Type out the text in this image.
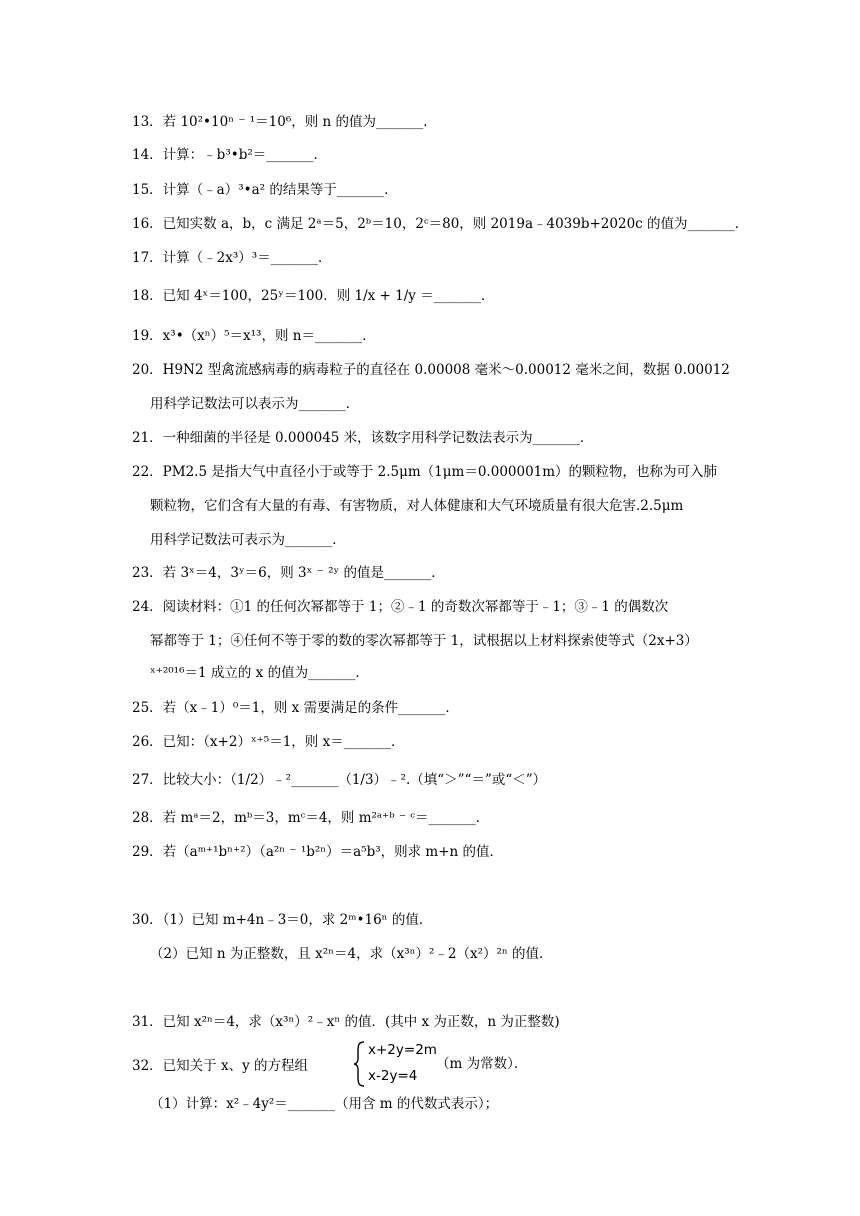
13．若 10²•10ⁿ ⁻ ¹＝10⁶，则 n 的值为_______．
14．计算：﹣b³•b²＝_______．
15．计算（﹣a）³•a² 的结果等于_______．
16．已知实数 a，b，c 满足 2ᵃ＝5，2ᵇ＝10，2ᶜ＝80，则 2019a﹣4039b+2020c 的值为_______．
17．计算（﹣2x³）³＝_______．
18．已知 4ˣ＝100，25ʸ＝100．则 1/x + 1/y ＝_______．
19．x³•（xⁿ）⁵＝x¹³，则 n＝_______．
20．H9N2 型禽流感病毒的病毒粒子的直径在 0.00008 毫米～0.00012 毫米之间，数据 0.00012
用科学记数法可以表示为_______．
21．一种细菌的半径是 0.000045 米，该数字用科学记数法表示为_______．
22．PM2.5 是指大气中直径小于或等于 2.5μm（1μm＝0.000001m）的颗粒物，也称为可入肺
颗粒物，它们含有大量的有毒、有害物质，对人体健康和大气环境质量有很大危害.2.5μm
用科学记数法可表示为_______．
23．若 3ˣ＝4，3ʸ＝6，则 3ˣ ⁻ ²ʸ 的值是_______．
24．阅读材料：①1 的任何次幂都等于 1；②﹣1 的奇数次幂都等于﹣1；③﹣1 的偶数次
幂都等于 1；④任何不等于零的数的零次幂都等于 1，试根据以上材料探索使等式（2x+3）
ˣ⁺²⁰¹⁶＝1 成立的 x 的值为_______．
25．若（x﹣1）⁰＝1，则 x 需要满足的条件_______．
26．已知：（x+2）ˣ⁺⁵＝1，则 x＝_______．
27．比较大小：（1/2）﹣²_______（1/3）﹣².（填“＞”“＝”或“＜”）
28．若 mᵃ＝2，mᵇ＝3，mᶜ＝4，则 m²ᵃ⁺ᵇ ⁻ ᶜ＝_______．
29．若（aᵐ⁺¹bⁿ⁺²）（a²ⁿ ⁻ ¹b²ⁿ）＝a⁵b³，则求 m+n 的值．
30．（1）已知 m+4n﹣3＝0，求 2ᵐ•16ⁿ 的值．
（2）已知 n 为正整数，且 x²ⁿ＝4，求（x³ⁿ）²﹣2（x²）²ⁿ 的值．
31．已知 x²ⁿ＝4，求（x³ⁿ）²﹣xⁿ 的值．(其中 x 为正数，n 为正整数)
32．已知关于 x、y 的方程组
x+2y=2m
x-2y=4
（m 为常数）．
（1）计算：x²﹣4y²＝_______（用含 m 的代数式表示）；
